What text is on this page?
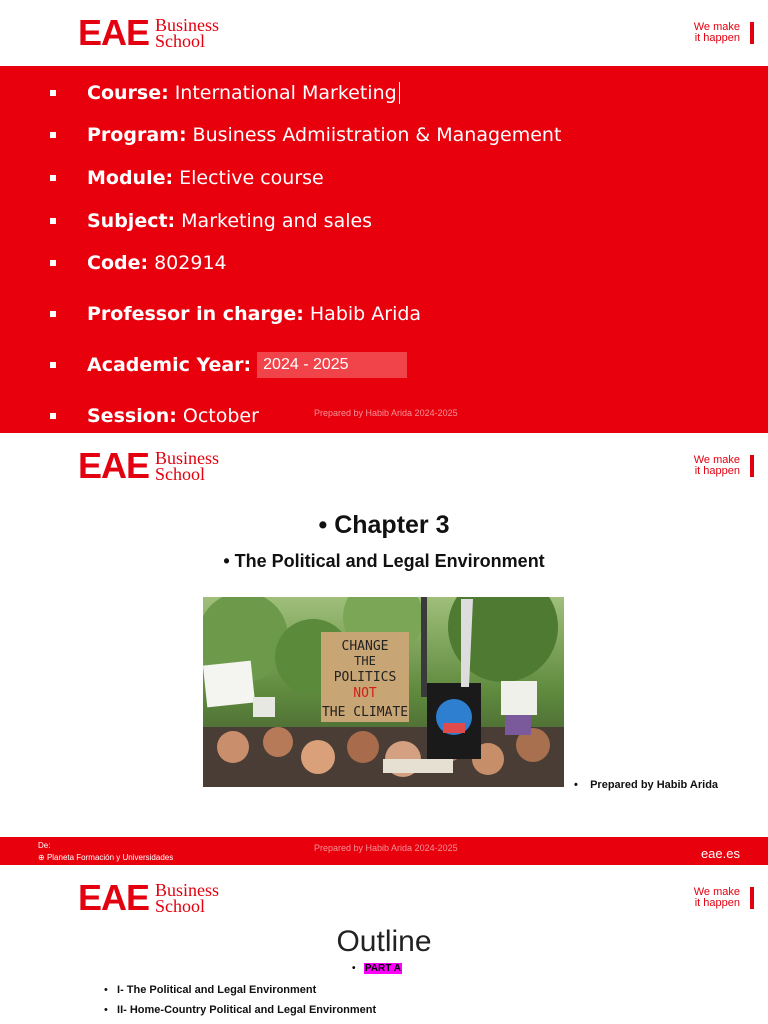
EAE Business
School
We make
it happen
Course: International Marketing
Program: Business Admiistration & Management
Module: Elective course
Subject: Marketing and sales
Code: 802914
Professor in charge: Habib Arida
Academic Year: 2024 - 2025
Session: October	Prepared by Habib Arida 2024-2025
EAE Business
School
We make
it happen
• Chapter 3
• The Political and Legal Environment
CHANGE
THE
POLITICS
NOT
THE CLIMATE
•    Prepared by Habib Arida
De:
⊕ Planeta Formación y Universidades
Prepared by Habib Arida 2024-2025	eae.es
EAE Business
School
We make
it happen
Outline
•   PART A
•   I- The Political and Legal Environment
•   II- Home-Country Political and Legal Environment
